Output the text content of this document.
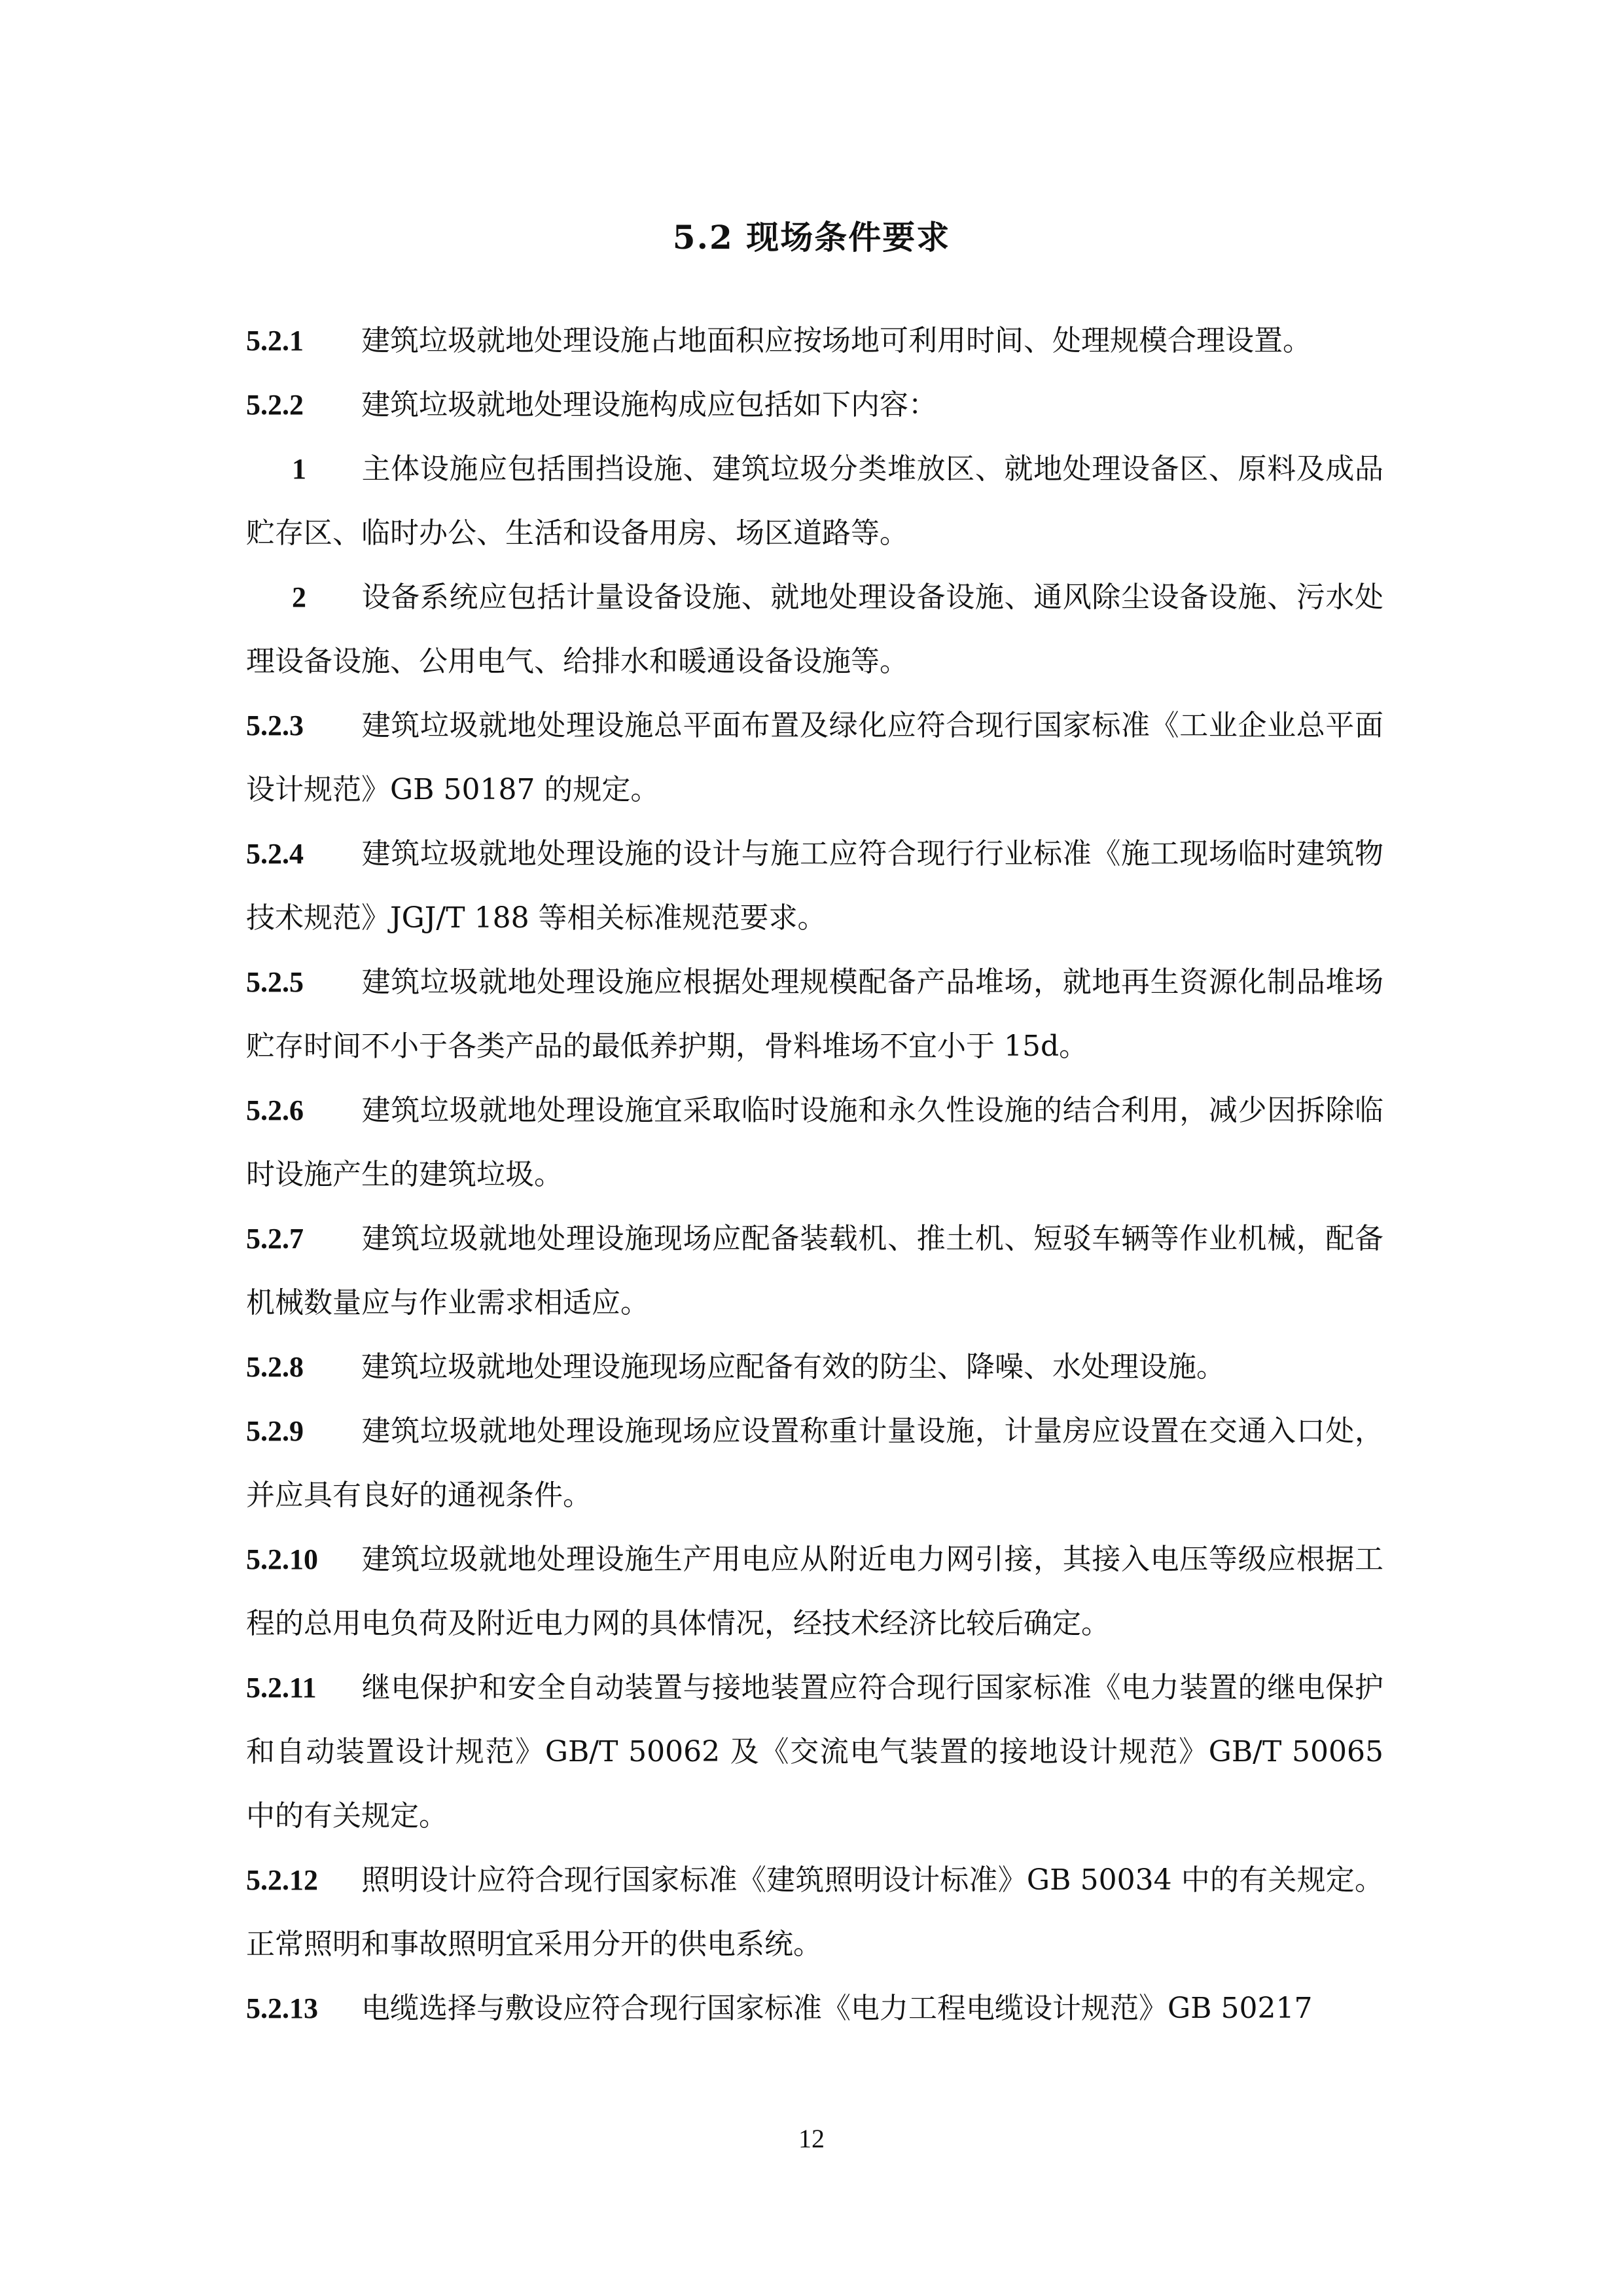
5.2 现场条件要求

5.2.1 建筑垃圾就地处理设施占地面积应按场地可利用时间、处理规模合理设置。

5.2.2 建筑垃圾就地处理设施构成应包括如下内容：

1 主体设施应包括围挡设施、建筑垃圾分类堆放区、就地处理设备区、原料及成品贮存区、临时办公、生活和设备用房、场区道路等。

2 设备系统应包括计量设备设施、就地处理设备设施、通风除尘设备设施、污水处理设备设施、公用电气、给排水和暖通设备设施等。

5.2.3 建筑垃圾就地处理设施总平面布置及绿化应符合现行国家标准《工业企业总平面设计规范》GB 50187 的规定。

5.2.4 建筑垃圾就地处理设施的设计与施工应符合现行行业标准《施工现场临时建筑物技术规范》JGJ/T 188 等相关标准规范要求。

5.2.5 建筑垃圾就地处理设施应根据处理规模配备产品堆场，就地再生资源化制品堆场贮存时间不小于各类产品的最低养护期，骨料堆场不宜小于 15d。

5.2.6 建筑垃圾就地处理设施宜采取临时设施和永久性设施的结合利用，减少因拆除临时设施产生的建筑垃圾。

5.2.7 建筑垃圾就地处理设施现场应配备装载机、推土机、短驳车辆等作业机械，配备机械数量应与作业需求相适应。

5.2.8 建筑垃圾就地处理设施现场应配备有效的防尘、降噪、水处理设施。

5.2.9 建筑垃圾就地处理设施现场应设置称重计量设施，计量房应设置在交通入口处，并应具有良好的通视条件。

5.2.10 建筑垃圾就地处理设施生产用电应从附近电力网引接，其接入电压等级应根据工程的总用电负荷及附近电力网的具体情况，经技术经济比较后确定。

5.2.11 继电保护和安全自动装置与接地装置应符合现行国家标准《电力装置的继电保护和自动装置设计规范》GB/T 50062 及《交流电气装置的接地设计规范》GB/T 50065 中的有关规定。

5.2.12 照明设计应符合现行国家标准《建筑照明设计标准》GB 50034 中的有关规定。正常照明和事故照明宜采用分开的供电系统。

5.2.13 电缆选择与敷设应符合现行国家标准《电力工程电缆设计规范》GB 50217

12
